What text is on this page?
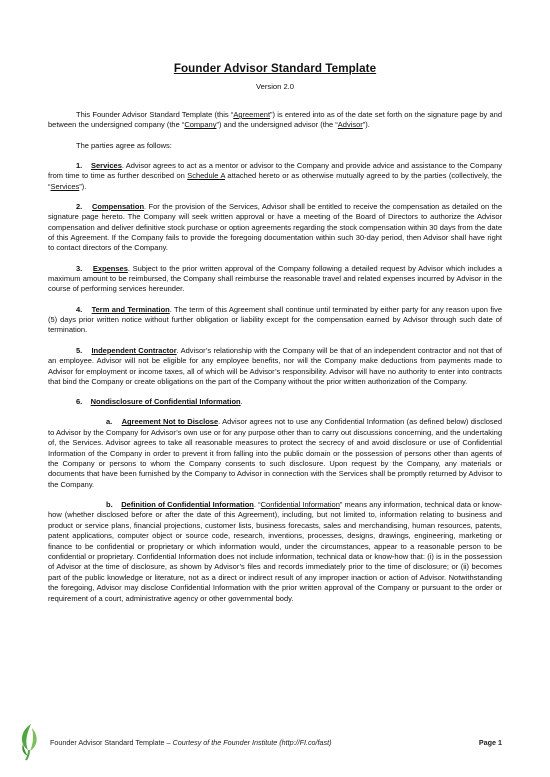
Founder Advisor Standard Template
Version 2.0

This Founder Advisor Standard Template (this “Agreement”) is entered into as of the date set forth on the signature page by and between the undersigned company (the “Company”) and the undersigned advisor (the “Advisor”).

The parties agree as follows:

1. Services. Advisor agrees to act as a mentor or advisor to the Company and provide advice and assistance to the Company from time to time as further described on Schedule A attached hereto or as otherwise mutually agreed to by the parties (collectively, the “Services”).

2. Compensation. For the provision of the Services, Advisor shall be entitled to receive the compensation as detailed on the signature page hereto. The Company will seek written approval or have a meeting of the Board of Directors to authorize the Advisor compensation and deliver definitive stock purchase or option agreements regarding the stock compensation within 30 days from the date of this Agreement. If the Company fails to provide the foregoing documentation within such 30-day period, then Advisor shall have right to contact directors of the Company.

3. Expenses. Subject to the prior written approval of the Company following a detailed request by Advisor which includes a maximum amount to be reimbursed, the Company shall reimburse the reasonable travel and related expenses incurred by Advisor in the course of performing services hereunder.

4. Term and Termination. The term of this Agreement shall continue until terminated by either party for any reason upon five (5) days prior written notice without further obligation or liability except for the compensation earned by Advisor through such date of termination.

5. Independent Contractor. Advisor’s relationship with the Company will be that of an independent contractor and not that of an employee. Advisor will not be eligible for any employee benefits, nor will the Company make deductions from payments made to Advisor for employment or income taxes, all of which will be Advisor’s responsibility. Advisor will have no authority to enter into contracts that bind the Company or create obligations on the part of the Company without the prior written authorization of the Company.

6. Nondisclosure of Confidential Information.

a. Agreement Not to Disclose. Advisor agrees not to use any Confidential Information (as defined below) disclosed to Advisor by the Company for Advisor’s own use or for any purpose other than to carry out discussions concerning, and the undertaking of, the Services. Advisor agrees to take all reasonable measures to protect the secrecy of and avoid disclosure or use of Confidential Information of the Company in order to prevent it from falling into the public domain or the possession of persons other than agents of the Company or persons to whom the Company consents to such disclosure. Upon request by the Company, any materials or documents that have been furnished by the Company to Advisor in connection with the Services shall be promptly returned by Advisor to the Company.

b. Definition of Confidential Information. “Confidential Information” means any information, technical data or know-how (whether disclosed before or after the date of this Agreement), including, but not limited to, information relating to business and product or service plans, financial projections, customer lists, business forecasts, sales and merchandising, human resources, patents, patent applications, computer object or source code, research, inventions, processes, designs, drawings, engineering, marketing or finance to be confidential or proprietary or which information would, under the circumstances, appear to a reasonable person to be confidential or proprietary. Confidential Information does not include information, technical data or know-how that: (i) is in the possession of Advisor at the time of disclosure, as shown by Advisor’s files and records immediately prior to the time of disclosure; or (ii) becomes part of the public knowledge or literature, not as a direct or indirect result of any improper inaction or action of Advisor. Notwithstanding the foregoing, Advisor may disclose Confidential Information with the prior written approval of the Company or pursuant to the order or requirement of a court, administrative agency or other governmental body.

Founder Advisor Standard Template – Courtesy of the Founder Institute (http://FI.co/fast)	Page 1
